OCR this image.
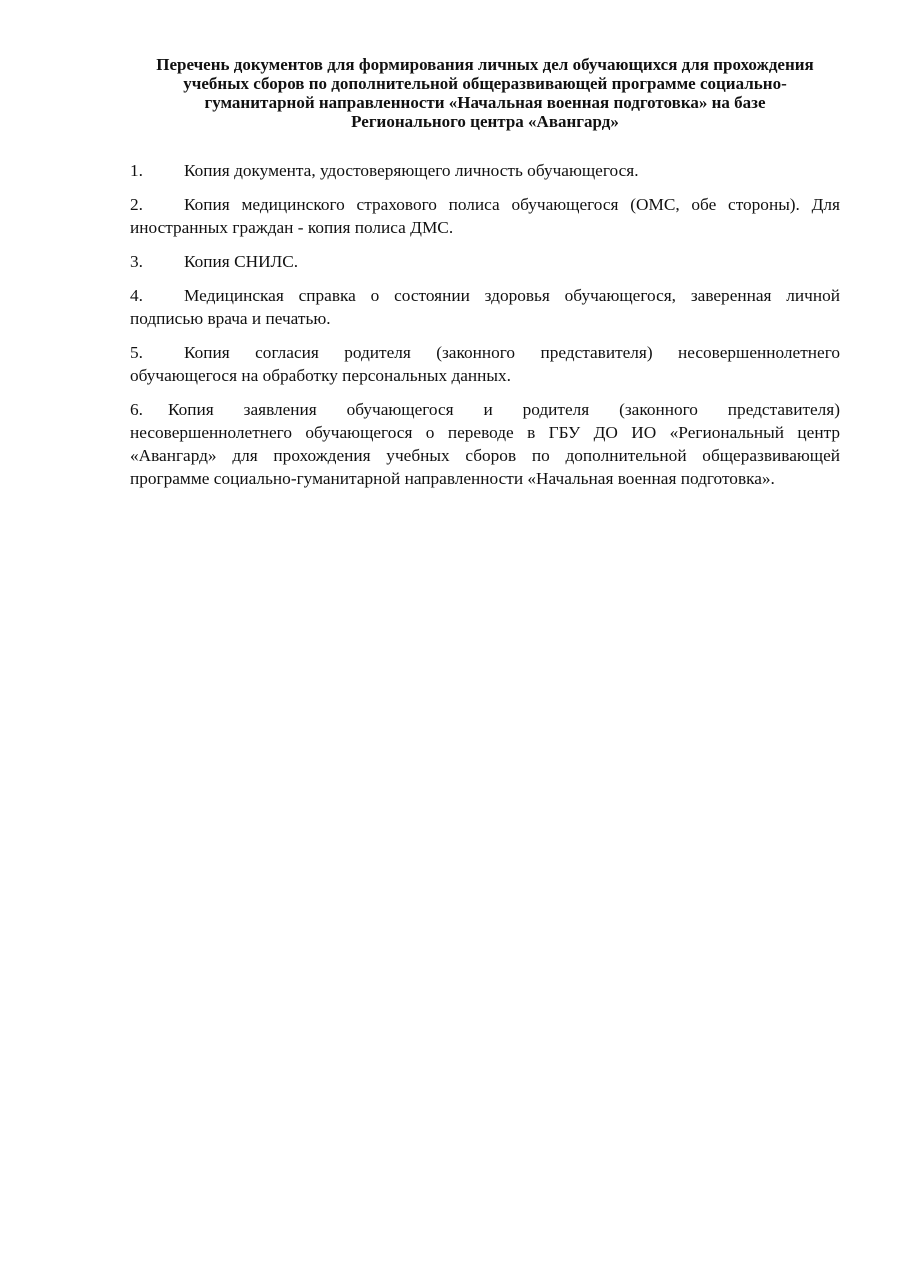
Перечень документов для формирования личных дел обучающихся для прохождения
учебных сборов по дополнительной общеразвивающей программе социально-
гуманитарной направленности «Начальная военная подготовка» на базе
Регионального центра «Авангард»

1. Копия документа, удостоверяющего личность обучающегося.

2. Копия медицинского страхового полиса обучающегося (ОМС, обе стороны). Для иностранных граждан - копия полиса ДМС.

3. Копия СНИЛС.

4. Медицинская справка о состоянии здоровья обучающегося, заверенная личной подписью врача и печатью.

5. Копия согласия родителя (законного представителя) несовершеннолетнего обучающегося на обработку персональных данных.

6. Копия заявления обучающегося и родителя (законного представителя) несовершеннолетнего обучающегося о переводе в ГБУ ДО ИО «Региональный центр «Авангард» для прохождения учебных сборов по дополнительной общеразвивающей программе социально-гуманитарной направленности «Начальная военная подготовка».
